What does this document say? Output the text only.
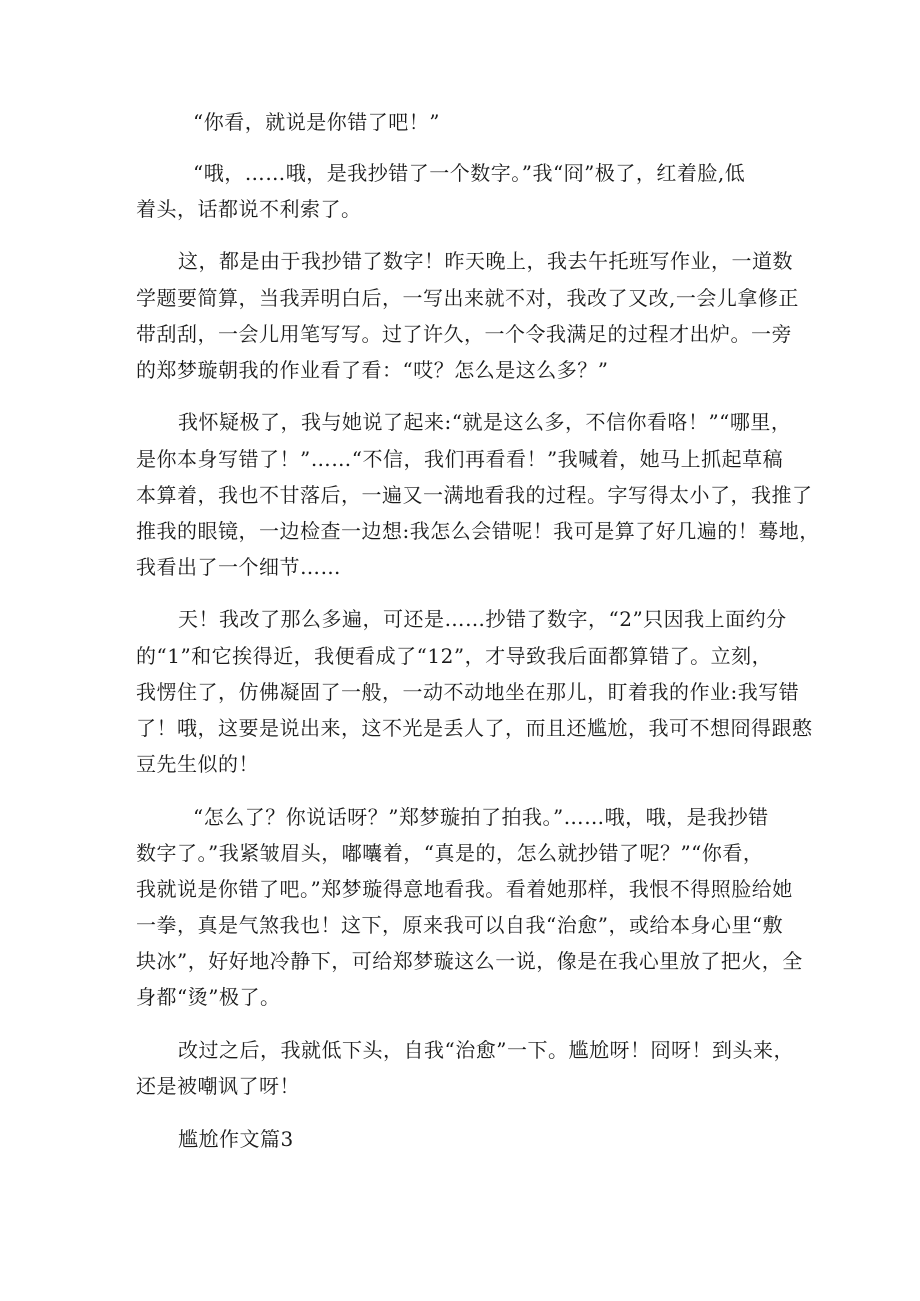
“你看，就说是你错了吧！”
“哦，……哦，是我抄错了一个数字。”我“冏”极了，红着脸,低
着头，话都说不利索了。
这，都是由于我抄错了数字！昨天晚上，我去午托班写作业，一道数
学题要简算，当我弄明白后，一写出来就不对，我改了又改,一会儿拿修正
带刮刮，一会儿用笔写写。过了许久，一个令我满足的过程才出炉。一旁
的郑梦璇朝我的作业看了看：“哎？怎么是这么多？”
我怀疑极了，我与她说了起来:“就是这么多，不信你看咯！”“哪里，
是你本身写错了！”……“不信，我们再看看！”我喊着，她马上抓起草稿
本算着，我也不甘落后，一遍又一满地看我的过程。字写得太小了，我推了
推我的眼镜，一边检查一边想:我怎么会错呢！我可是算了好几遍的！蓦地，
我看出了一个细节……
天！我改了那么多遍，可还是……抄错了数字，“2”只因我上面约分
的“1”和它挨得近，我便看成了“12”，才导致我后面都算错了。立刻，
我愣住了，仿佛凝固了一般，一动不动地坐在那儿，盯着我的作业:我写错
了！哦，这要是说出来，这不光是丢人了，而且还尴尬，我可不想冏得跟憨
豆先生似的！
“怎么了？你说话呀？”郑梦璇拍了拍我。”……哦，哦，是我抄错
数字了。”我紧皱眉头，嘟囔着，“真是的，怎么就抄错了呢？”“你看，
我就说是你错了吧。”郑梦璇得意地看我。看着她那样，我恨不得照脸给她
一拳，真是气煞我也！这下，原来我可以自我“治愈”，或给本身心里“敷
块冰”，好好地冷静下，可给郑梦璇这么一说，像是在我心里放了把火，全
身都“烫”极了。
改过之后，我就低下头，自我“治愈”一下。尴尬呀！冏呀！到头来，
还是被嘲讽了呀！
尴尬作文篇3
